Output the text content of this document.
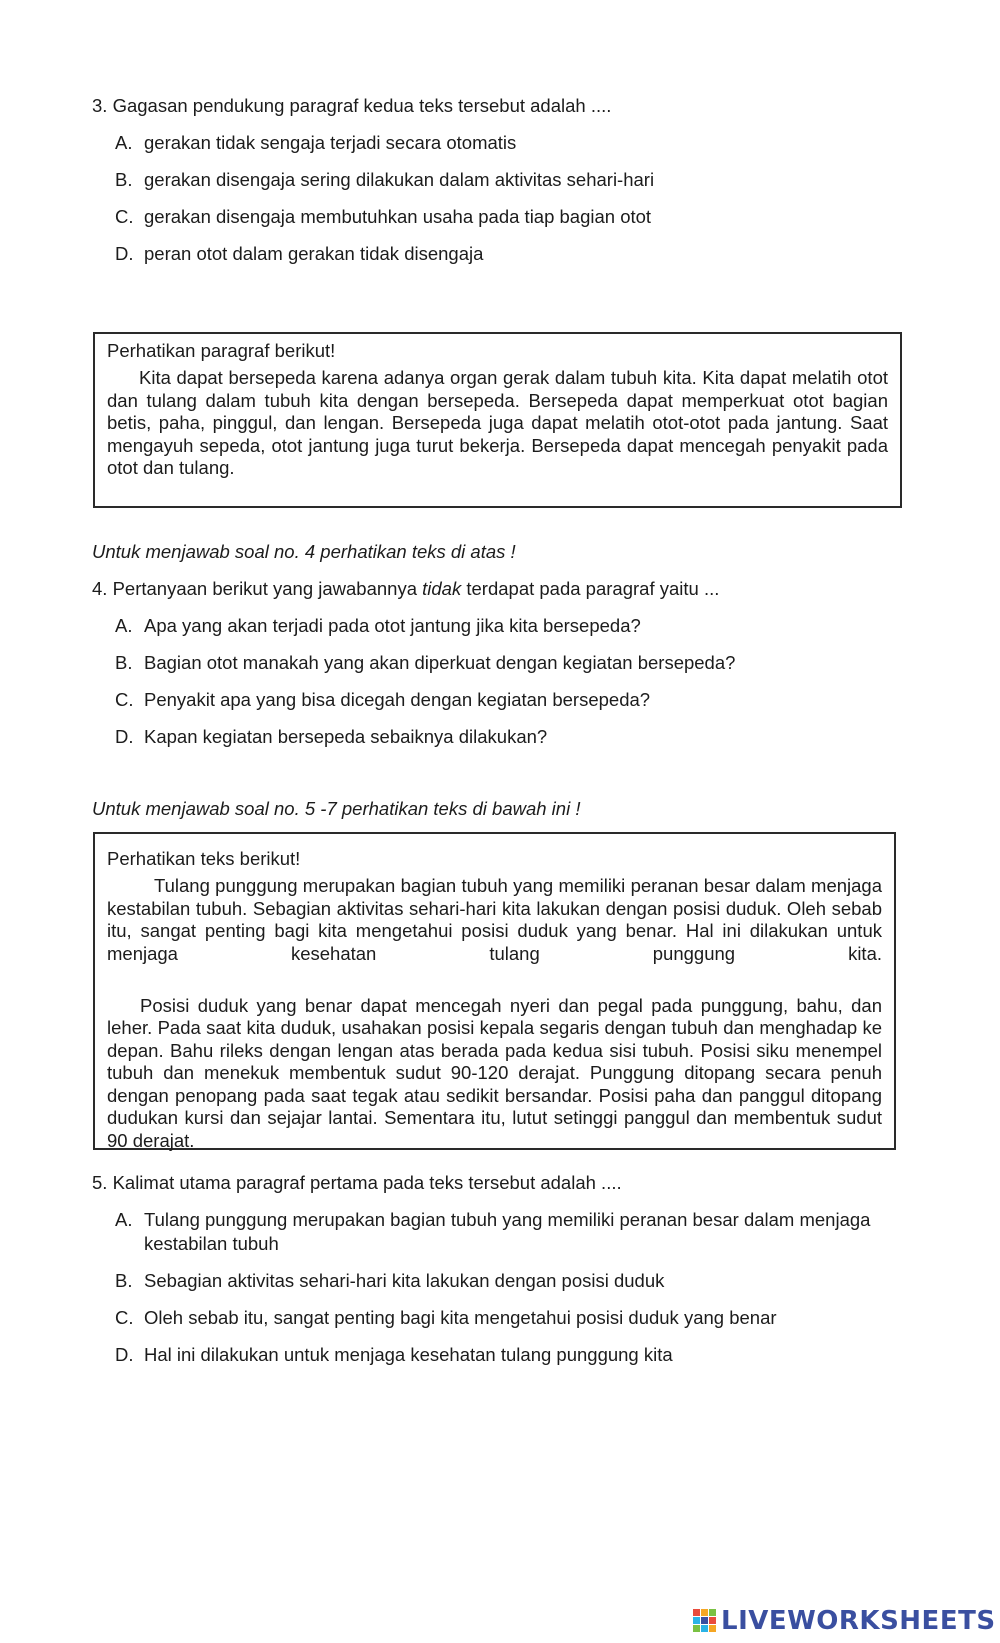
3. Gagasan pendukung paragraf kedua teks tersebut adalah ....
A. gerakan tidak sengaja terjadi secara otomatis
B. gerakan disengaja sering dilakukan dalam aktivitas sehari-hari
C. gerakan disengaja membutuhkan usaha pada tiap bagian otot
D. peran otot dalam gerakan tidak disengaja
Perhatikan paragraf berikut!
Kita dapat bersepeda karena adanya organ gerak dalam tubuh kita. Kita dapat melatih otot dan tulang dalam tubuh kita dengan bersepeda. Bersepeda dapat memperkuat otot bagian betis, paha, pinggul, dan lengan. Bersepeda juga dapat melatih otot-otot pada jantung. Saat mengayuh sepeda, otot jantung juga turut bekerja. Bersepeda dapat mencegah penyakit pada otot dan tulang.
Untuk menjawab soal no. 4 perhatikan teks di atas !
4. Pertanyaan berikut yang jawabannya tidak terdapat pada paragraf yaitu ...
A. Apa yang akan terjadi pada otot jantung jika kita bersepeda?
B. Bagian otot manakah yang akan diperkuat dengan kegiatan bersepeda?
C. Penyakit apa yang bisa dicegah dengan kegiatan bersepeda?
D. Kapan kegiatan bersepeda sebaiknya dilakukan?
Untuk menjawab soal no. 5 -7 perhatikan teks di bawah ini !
Perhatikan teks berikut!
Tulang punggung merupakan bagian tubuh yang memiliki peranan besar dalam menjaga kestabilan tubuh. Sebagian aktivitas sehari-hari kita lakukan dengan posisi duduk. Oleh sebab itu, sangat penting bagi kita mengetahui posisi duduk yang benar. Hal ini dilakukan untuk menjaga kesehatan tulang punggung kita.
Posisi duduk yang benar dapat mencegah nyeri dan pegal pada punggung, bahu, dan leher. Pada saat kita duduk, usahakan posisi kepala segaris dengan tubuh dan menghadap ke depan. Bahu rileks dengan lengan atas berada pada kedua sisi tubuh. Posisi siku menempel tubuh dan menekuk membentuk sudut 90-120 derajat. Punggung ditopang secara penuh dengan penopang pada saat tegak atau sedikit bersandar. Posisi paha dan panggul ditopang dudukan kursi dan sejajar lantai. Sementara itu, lutut setinggi panggul dan membentuk sudut 90 derajat.
5. Kalimat utama paragraf pertama pada teks tersebut adalah ....
A. Tulang punggung merupakan bagian tubuh yang memiliki peranan besar dalam menjaga kestabilan tubuh
B. Sebagian aktivitas sehari-hari kita lakukan dengan posisi duduk
C. Oleh sebab itu, sangat penting bagi kita mengetahui posisi duduk yang benar
D. Hal ini dilakukan untuk menjaga kesehatan tulang punggung kita
LIVEWORKSHEETS
